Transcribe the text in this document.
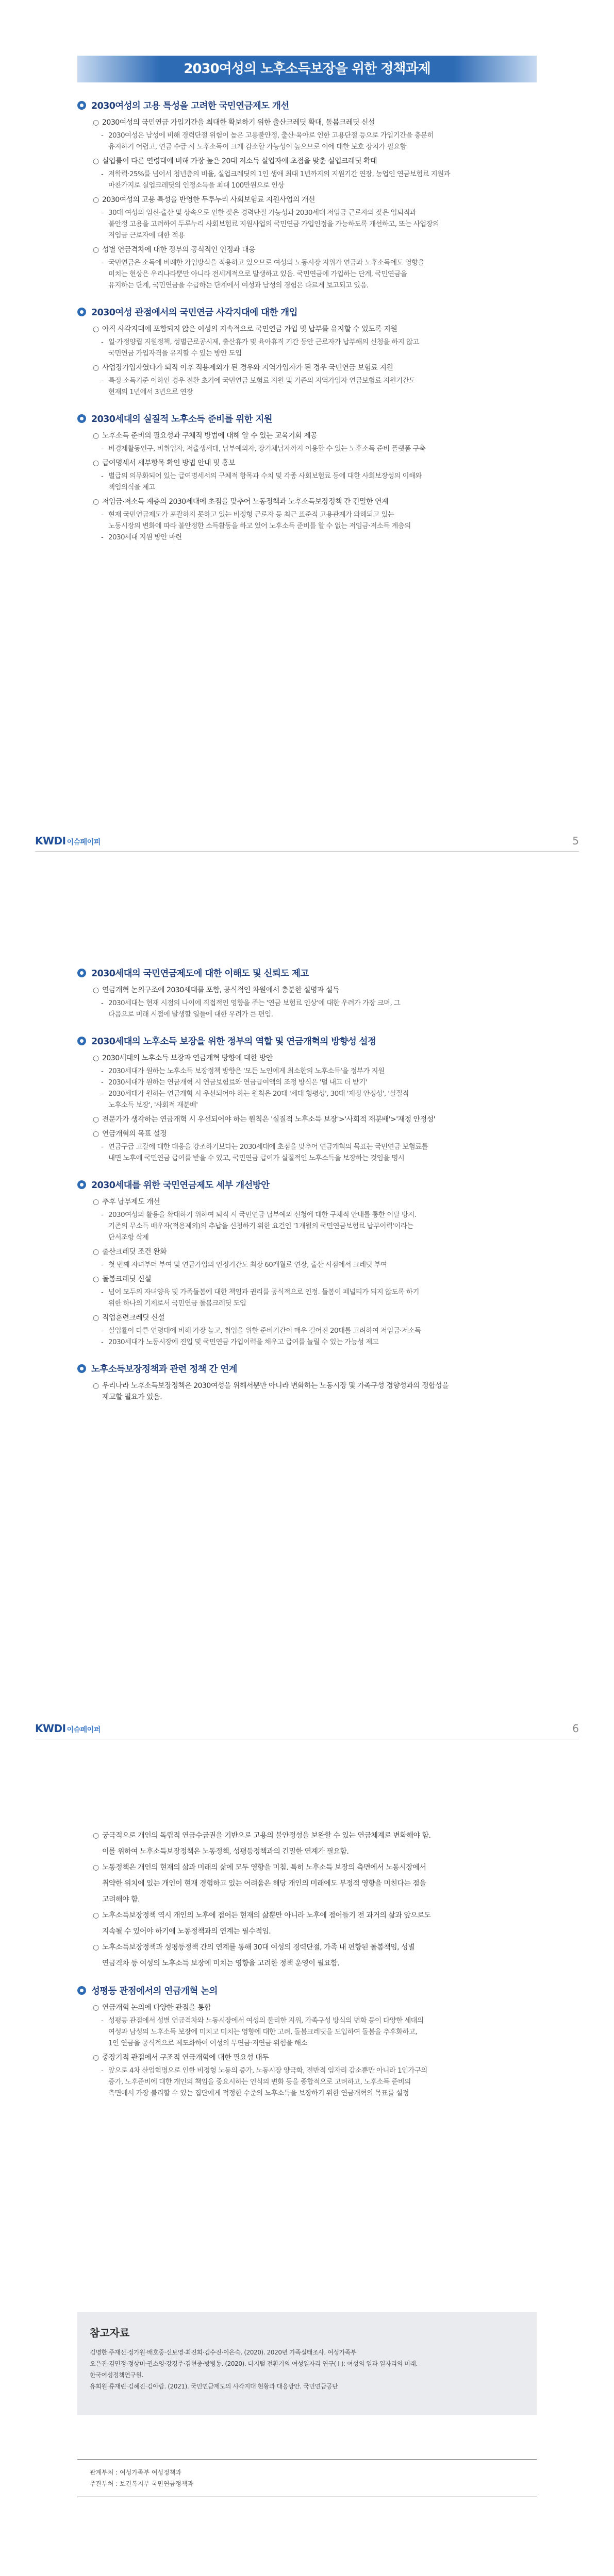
2030여성의 노후소득보장을 위한 정책과제
2030여성의 고용 특성을 고려한 국민연금제도 개선
○ 2030여성의 국민연금 가입기간을 최대한 확보하기 위한 출산크레딧 확대, 돌봄크레딧 신설
- 2030여성은 남성에 비해 경력단절 위험이 높은 고용불안정, 출산·육아로 인한 고용단절 등으로 가입기간을 충분히
유지하기 어렵고, 연금 수급 시 노후소득이 크게 감소할 가능성이 높으므로 이에 대한 보호 장치가 필요함
○ 실업률이 다른 연령대에 비해 가장 높은 20대 저소득 실업자에 초점을 맞춘 실업크레딧 확대
- 저학력·25%를 넘어서 청년층의 비율, 실업크레딧의 1인 생애 최대 1년까지의 지원기간 연장, 농업인 연금보험료 지원과
마찬가지로 실업크레딧의 인정소득을 최대 100만원으로 인상
○ 2030여성의 고용 특성을 반영한 두루누리 사회보험료 지원사업의 개선
- 30대 여성의 임신·출산 및 상속으로 인한 잦은 경력단절 가능성과 2030세대 저임금 근로자의 잦은 입퇴직과
불안정 고용을 고려하여 두루누리 사회보험료 지원사업의 국민연금 가입인정을 가능하도록 개선하고, 또는 사업장의
저임금 근로자에 대한 적용
○ 성별 연금격차에 대한 정부의 공식적인 인정과 대응
- 국민연금은 소득에 비례한 가입방식을 적용하고 있으므로 여성의 노동시장 지위가 연금과 노후소득에도 영향을
미치는 현상은 우리나라뿐만 아니라 전세계적으로 발생하고 있음. 국민연금에 가입하는 단계, 국민연금을
유지하는 단계, 국민연금을 수급하는 단계에서 여성과 남성의 경험은 다르게 보고되고 있음.
2030여성 관점에서의 국민연금 사각지대에 대한 개입
○ 아직 사각지대에 포함되지 않은 여성의 지속적으로 국민연금 가입 및 납부를 유지할 수 있도록 지원
- 일·가정양립 지원정책, 성별근로공시제, 출산휴가 및 육아휴직 기간 동안 근로자가 납부해의 신청을 하지 않고
국민연금 가입자격을 유지할 수 있는 방안 도입
○ 사업장가입자였다가 퇴직 이후 적용제외가 된 경우와 지역가입자가 된 경우 국민연금 보험료 지원
- 특정 소득기준 이하인 경우 전환 초기에 국민연금 보험료 지원 및 기존의 지역가입자 연금보험료 지원기간도
현재의 1년에서 3년으로 연장
2030세대의 실질적 노후소득 준비를 위한 지원
○ 노후소득 준비의 필요성과 구체적 방법에 대해 알 수 있는 교육기회 제공
- 비경제활동인구, 비취업자, 저출생세대, 납부예외자, 장기체납자까지 이용할 수 있는 노후소득 준비 플랫폼 구축
○ 급여명세서 세부항목 확인 방법 안내 및 홍보
- 별급의 의무화되어 있는 급여명세서의 구체적 항목과 수치 및 각종 사회보험료 등에 대한 사회보장성의 이해와
책임의식을 제고
○ 저임금·저소득 계층의 2030세대에 초점을 맞추어 노동정책과 노후소득보장정책 간 긴밀한 연계
- 현재 국민연금제도가 포괄하지 못하고 있는 비정형 근로자 등 최근 표준적 고용관계가 와해되고 있는
노동시장의 변화에 따라 불안정한 소득활동을 하고 있어 노후소득 준비를 할 수 없는 저임금·저소득 계층의
- 2030세대 지원 방안 마련
KWDI 이슈페이퍼	5
2030세대의 국민연금제도에 대한 이해도 및 신뢰도 제고
○ 연금개혁 논의구조에 2030세대를 포함, 공식적인 차원에서 충분한 설명과 설득
- 2030세대는 현재 시점의 나이에 직접적인 영향을 주는 '연금 보험료 인상'에 대한 우려가 가장 크며, 그
다음으로 미래 시점에 발생할 일들에 대한 우려가 큰 편임.
2030세대의 노후소득 보장을 위한 정부의 역할 및 연금개혁의 방향성 설정
○ 2030세대의 노후소득 보장과 연금개혁 방향에 대한 방안
- 2030세대가 원하는 노후소득 보장정책 방향은 '모든 노인에게 최소한의 노후소득'을 정부가 지원
- 2030세대가 원하는 연금개혁 시 연금보험료와 연금급여액의 조정 방식은 '덜 내고 더 받기'
- 2030세대가 원하는 연금개혁 시 우선되어야 하는 원칙은 20대 '세대 형평성', 30대 '제정 안정성', '실질적
노후소득 보장', '사회적 재분배'
○ 전문가가 생각하는 연금개혁 시 우선되어야 하는 원칙은 '실질적 노후소득 보장'>'사회적 재분배'>'재정 안정성'
○ 연금개혁의 목표 설정
- 연금구급 고갈에 대한 대응을 강조하기보다는 2030세대에 초점을 맞추어 연금개혁의 목표는 국민연금 보험료를
내면 노후에 국민연금 급여를 받을 수 있고, 국민연금 급여가 실질적인 노후소득을 보장하는 것임을 명시
2030세대를 위한 국민연금제도 세부 개선방안
○ 추후 납부제도 개선
- 2030여성의 활용을 확대하기 위하여 퇴직 시 국민연금 납부예외 신청에 대한 구체적 안내를 통한 이탈 방지.
기존의 무소득 배우자(적용제외)의 추납을 신청하기 위한 요건인 '1개월의 국민연금보험료 납부이력'이라는
단서조항 삭제
○ 출산크레딧 조건 완화
- 첫 번째 자녀부터 부여 및 연금가입의 인정기간도 최장 60개월로 연장, 출산 시점에서 크레딧 부여
○ 돌봄크레딧 신설
- 넘어 모두의 자녀양육 및 가족돌봄에 대한 책임과 권리를 공식적으로 인정. 돌봄이 페널티가 되지 않도록 하기
위한 하나의 기제로서 국민연금 돌봄크레딧 도입
○ 직업훈련크레딧 신설
- 실업률이 다른 연령대에 비해 가장 높고, 취업을 위한 준비기간이 매우 길어진 20대를 고려하여 저임금·저소득
- 2030세대가 노동시장에 진입 및 국민연금 가입이력을 채우고 급여를 늘릴 수 있는 가능성 제고
노후소득보장정책과 관련 정책 간 연계
○ 우리나라 노후소득보장정책은 2030여성을 위해서뿐만 아니라 변화하는 노동시장 및 가족구성 경향성과의 정합성을
제고할 필요가 있음.
KWDI 이슈페이퍼	6
○ 궁극적으로 개인의 독립적 연금수급권을 기반으로 고용의 불안정성을 보완할 수 있는 연금체계로 변화해야 함.
이를 위하여 노후소득보장정책은 노동정책, 성평등정책과의 긴밀한 연계가 필요함.
○ 노동정책은 개인의 현재의 삶과 미래의 삶에 모두 영향을 미침. 특히 노후소득 보장의 측면에서 노동시장에서
취약한 위치에 있는 개인이 현재 경험하고 있는 어려움은 해당 개인의 미래에도 부정적 영향을 미친다는 점을
고려해야 함.
○ 노후소득보장정책 역시 개인의 노후에 접어든 현재의 삶뿐만 아니라 노후에 접어들기 전 과거의 삶과 앞으로도
지속될 수 있어야 하기에 노동정책과의 연계는 필수적임.
○ 노후소득보장정책과 성평등정책 간의 연계를 통해 30대 여성의 경력단절, 가족 내 편향된 돌봄책임, 성별
연금격차 등 여성의 노후소득 보장에 미치는 영향을 고려한 정책 운영이 필요함.
성평등 관점에서의 연금개혁 논의
○ 연금개혁 논의에 다양한 관점을 통합
- 성평등 관점에서 성별 연금격차와 노동시장에서 여성의 불리한 지위, 가족구성 방식의 변화 등이 다양한 세대의
여성과 남성의 노후소득 보장에 미치고 미치는 영향에 대한 고려, 돌봄크레딧을 도입하여 돌봄을 추후화하고,
1인 연금을 공식적으로 제도화하여 여성의 무연금·저연금 위험을 해소
○ 중장기적 관점에서 구조적 연금개혁에 대한 필요성 대두
- 앞으로 4차 산업혁명으로 인한 비정형 노동의 증가, 노동시장 양극화, 전반적 임자리 감소뿐만 아니라 1인가구의
증가, 노후준비에 대한 개인의 책임을 중요시하는 인식의 변화 등을 종합적으로 고려하고, 노후소득 준비의
측면에서 가장 불리할 수 있는 집단에게 적정한 수준의 노후소득을 보장하기 위한 연금개혁의 목표를 설정
참고자료
김명한·주재선·정가원·배호중·신보영·최진희·김수진·이은숙. (2020). 2020년 가족실태조사. 여성가족부
오은진·김민정·정상미·권소영·강경주·김현중·방병동. (2020). 디지털 전환기의 여성일자리 연구( I ): 여성의 일과 일자리의 미래.
한국여성정책연구원.
유희원·류재린·김혜진·김아람. (2021). 국민연금제도의 사각지대 현황과 대응방안. 국민연금공단
관계부처 : 여성가족부 여성정책과
주관부처 : 보건복지부 국민연금정책과
